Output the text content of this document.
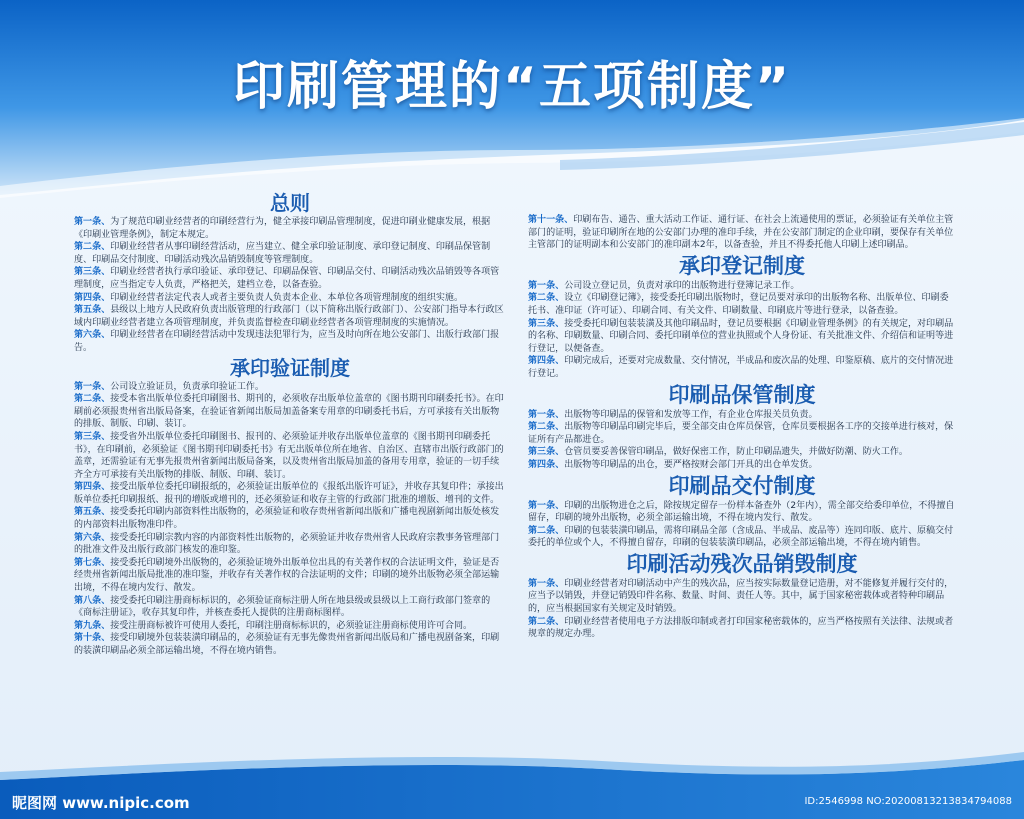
印刷管理的“五项制度”
总则

第一条、为了规范印刷业经营者的印刷经营行为，健全承接印刷品管理制度，促进印刷业健康发展，根据《印刷业管理条例》，制定本规定。

第二条、印刷业经营者从事印刷经营活动，应当建立、健全承印验证制度、承印登记制度、印刷品保管制度、印刷品交付制度、印刷活动残次品销毁制度等管理制度。

第三条、印刷业经营者执行承印验证、承印登记、印刷品保管、印刷品交付、印刷活动残次品销毁等各项管理制度，应当指定专人负责，严格把关，建档立卷，以备查验。

第四条、印刷业经营者法定代表人或者主要负责人负责本企业、本单位各项管理制度的组织实施。

第五条、县级以上地方人民政府负责出版管理的行政部门（以下简称出版行政部门）、公安部门指导本行政区域内印刷业经营者建立各项管理制度，并负责监督检查印刷业经营者各项管理制度的实施情况。

第六条、印刷业经营者在印刷经营活动中发现违法犯罪行为，应当及时向所在地公安部门、出版行政部门报告。

承印验证制度

第一条、公司设立验证员，负责承印验证工作。

第二条、接受本省出版单位委托印刷图书、期刊的，必须收存出版单位盖章的《图书期刊印刷委托书》。在印刷前必须报贵州省出版局备案，在验证省新闻出版局加盖备案专用章的印刷委托书后，方可承接有关出版物的排版、制版、印刷、装订。

第三条、接受省外出版单位委托印刷图书、报刊的、必须验证并收存出版单位盖章的《图书期刊印刷委托书》，在印刷前，必须验证《图书期刊印刷委托书》有无出版单位所在地省、自治区、直辖市出版行政部门的盖章，还需验证有无事先报贵州省新闻出版局备案，以及贵州省出版局加盖的备用专用章，验证的一切手续齐全方可承接有关出版物的排版、制版、印刷、装订。

第四条、接受出版单位委托印刷报纸的，必须验证出版单位的《报纸出版许可证》，并收存其复印件；承接出版单位委托印刷报纸、报刊的增版或增刊的，还必须验证和收存主管的行政部门批准的增版、增刊的文件。

第五条、接受委托印刷内部资料性出版物的，必须验证和收存贵州省新闻出版和广播电视剧新闻出版处核发的内部资料出版物准印件。

第六条、接受委托印刷宗教内容的内部资料性出版物的，必须验证并收存贵州省人民政府宗教事务管理部门的批准文件及出版行政部门核发的准印鉴。

第七条、接受委托印刷境外出版物的，必须验证境外出版单位出具的有关著作权的合法证明文件，验证是否经贵州省新闻出版局批准的准印鉴，并收存有关著作权的合法证明的文件；印刷的境外出版物必须全部运输出境，不得在境内发行、散发。

第八条、接受委托印刷注册商标标识的，必须验证商标注册人所在地县级或县级以上工商行政部门签章的《商标注册证》，收存其复印件，并核查委托人提供的注册商标图样。

第九条、接受注册商标被许可使用人委托，印刷注册商标标识的，必须验证注册商标使用许可合同。

第十条、接受印刷境外包装装潢印刷品的，必须验证有无事先像贵州省新闻出版局和广播电视剧备案，印刷的装潢印刷品必须全部运输出境，不得在境内销售。

第十一条、印刷布告、通告、重大活动工作证、通行证、在社会上流通使用的票证，必须验证有关单位主管部门的证明，验证印刷所在地的公安部门办理的准印手续，并在公安部门制定的企业印刷，要保存有关单位主管部门的证明副本和公安部门的准印副本2年，以备查验，并且不得委托他人印刷上述印刷品。

承印登记制度

第一条、公司设立登记员，负责对承印的出版物进行登簿记录工作。

第二条、设立《印刷登记簿》，接受委托印刷出版物时，登记员要对承印的出版物名称、出版单位、印刷委托书、准印证（许可证）、印刷合同、有关文件、印刷数量、印刷底片等进行登录，以备查验。

第三条、接受委托印刷包装装潢及其他印刷品时，登记员要根据《印刷业管理条例》的有关规定，对印刷品的名称、印刷数量、印刷合同、委托印刷单位的营业执照或个人身份证、有关批准文件、介绍信和证明等进行登记，以便备查。

第四条、印刷完成后，还要对完成数量、交付情况，半成品和废次品的处理、印鉴原稿、底片的交付情况进行登记。

印刷品保管制度

第一条、出版物等印刷品的保管和发放等工作，有企业仓库报关员负责。

第二条、出版物等印刷品印刷完毕后，要全部交由仓库员保管，仓库员要根据各工序的交接单进行核对，保证所有产品都进仓。

第三条、仓管员要妥善保管印刷品，做好保密工作，防止印刷品遗失，并做好防潮、防火工作。

第四条、出版物等印刷品的出仓，要严格按财会部门开具的出仓单发货。

印刷品交付制度

第一条、印刷的出版物进仓之后，除按规定留存一份样本备查外（2年内），需全部交给委印单位，不得擅自留存，印刷的境外出版物，必须全部运输出境，不得在境内发行、散发。

第二条、印刷的包装装潢印刷品，需将印刷品全部（含成品、半成品、废品等）连同印版、底片、原稿交付委托的单位或个人，不得擅自留存，印刷的包装装潢印刷品，必须全部运输出境，不得在境内销售。

印刷活动残次品销毁制度

第一条、印刷业经营者对印刷活动中产生的残次品，应当按实际数量登记造册，对不能修复并履行交付的，应当予以销毁，并登记销毁印件名称、数量、时间、责任人等。其中，属于国家秘密载体或者特种印刷品的，应当根据国家有关规定及时销毁。

第二条、印刷业经营者使用电子方法排版印制或者打印国家秘密载体的，应当严格按照有关法律、法规或者规章的规定办理。

昵图网 www.nipic.com	ID:2546998 NO:20200813213834794088
